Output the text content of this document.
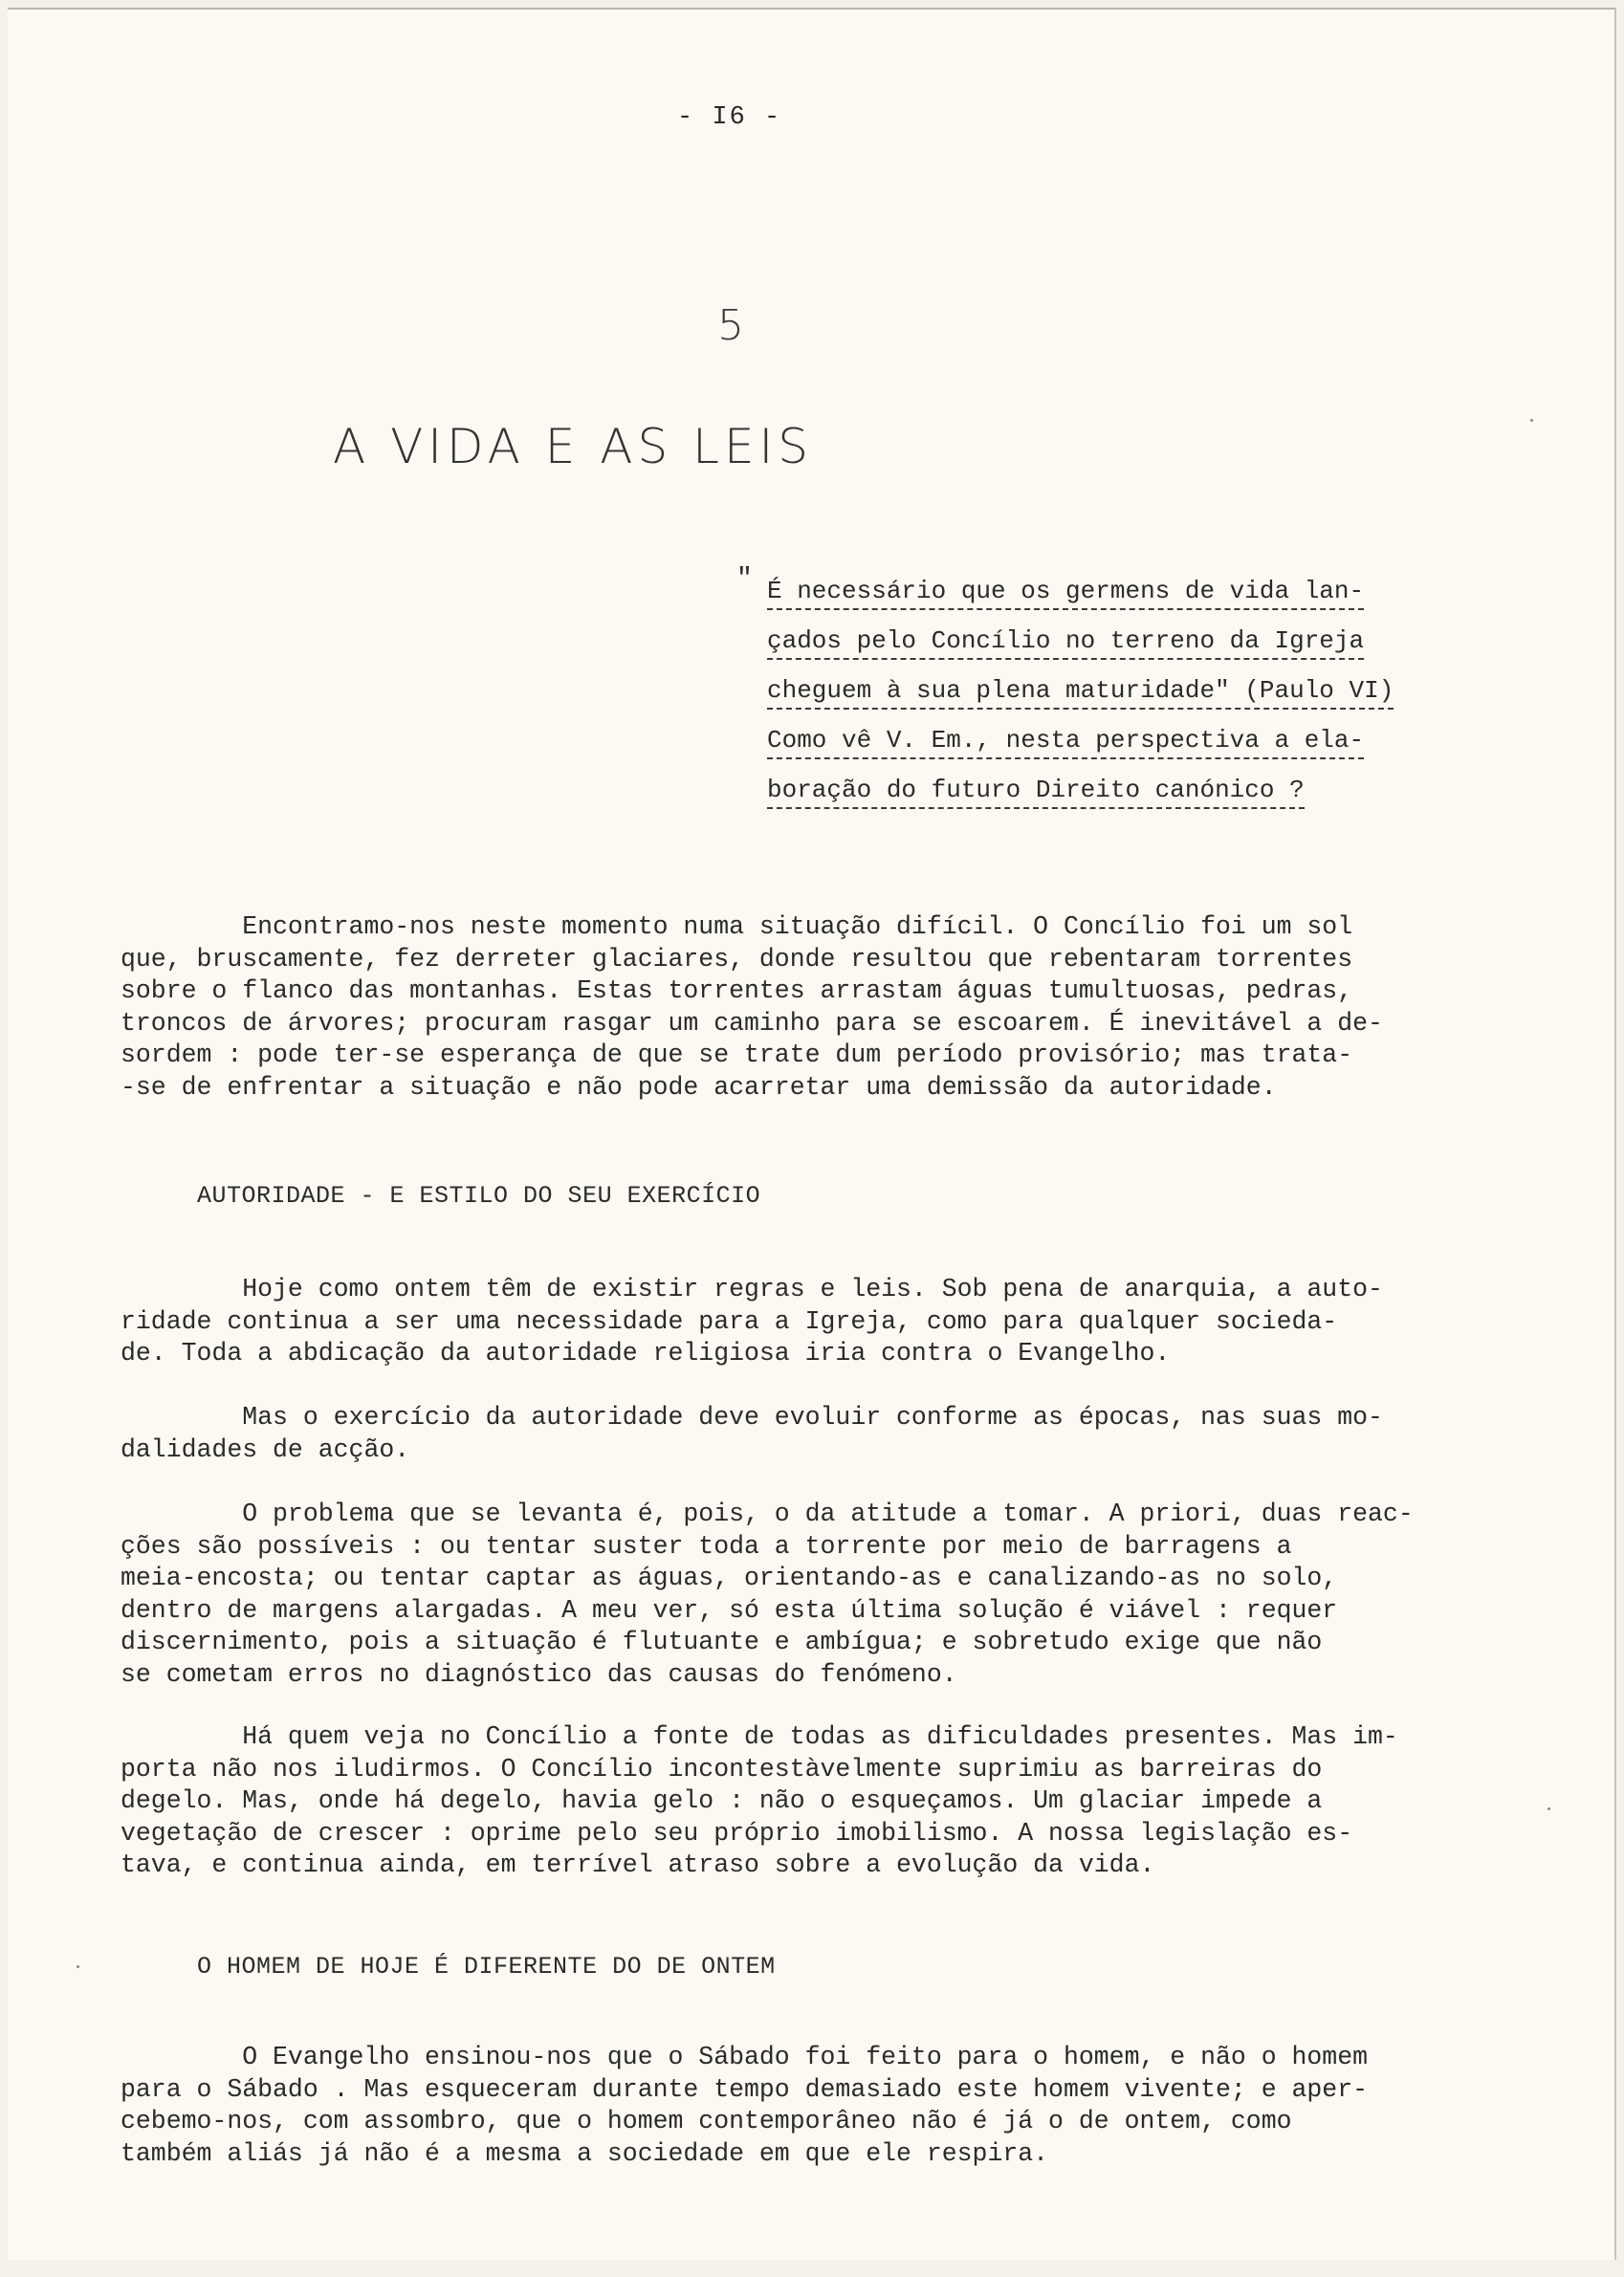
- I6 -
5
A VIDA E AS LEIS
" É necessário que os germens de vida lan-
çados pelo Concílio no terreno da Igreja
cheguem à sua plena maturidade" (Paulo VI)
Como vê V. Em., nesta perspectiva a ela-
boração do futuro Direito canónico ?
Encontramo-nos neste momento numa situação difícil. O Concílio foi um sol
que, bruscamente, fez derreter glaciares, donde resultou que rebentaram torrentes
sobre o flanco das montanhas. Estas torrentes arrastam águas tumultuosas, pedras,
troncos de árvores; procuram rasgar um caminho para se escoarem. É inevitável a de-
sordem : pode ter-se esperança de que se trate dum período provisório; mas trata-
-se de enfrentar a situação e não pode acarretar uma demissão da autoridade.
AUTORIDADE - E ESTILO DO SEU EXERCÍCIO
Hoje como ontem têm de existir regras e leis. Sob pena de anarquia, a auto-
ridade continua a ser uma necessidade para a Igreja, como para qualquer socieda-
de. Toda a abdicação da autoridade religiosa iria contra o Evangelho.
Mas o exercício da autoridade deve evoluir conforme as épocas, nas suas mo-
dalidades de acção.
O problema que se levanta é, pois, o da atitude a tomar. A priori, duas reac-
ções são possíveis : ou tentar suster toda a torrente por meio de barragens a
meia-encosta; ou tentar captar as águas, orientando-as e canalizando-as no solo,
dentro de margens alargadas. A meu ver, só esta última solução é viável : requer
discernimento, pois a situação é flutuante e ambígua; e sobretudo exige que não
se cometam erros no diagnóstico das causas do fenómeno.
Há quem veja no Concílio a fonte de todas as dificuldades presentes. Mas im-
porta não nos iludirmos. O Concílio incontestàvelmente suprimiu as barreiras do
degelo. Mas, onde há degelo, havia gelo : não o esqueçamos. Um glaciar impede a
vegetação de crescer : oprime pelo seu próprio imobilismo. A nossa legislação es-
tava, e continua ainda, em terrível atraso sobre a evolução da vida.
O HOMEM DE HOJE É DIFERENTE DO DE ONTEM
O Evangelho ensinou-nos que o Sábado foi feito para o homem, e não o homem
para o Sábado . Mas esqueceram durante tempo demasiado este homem vivente; e aper-
cebemo-nos, com assombro, que o homem contemporâneo não é já o de ontem, como
também aliás já não é a mesma a sociedade em que ele respira.
